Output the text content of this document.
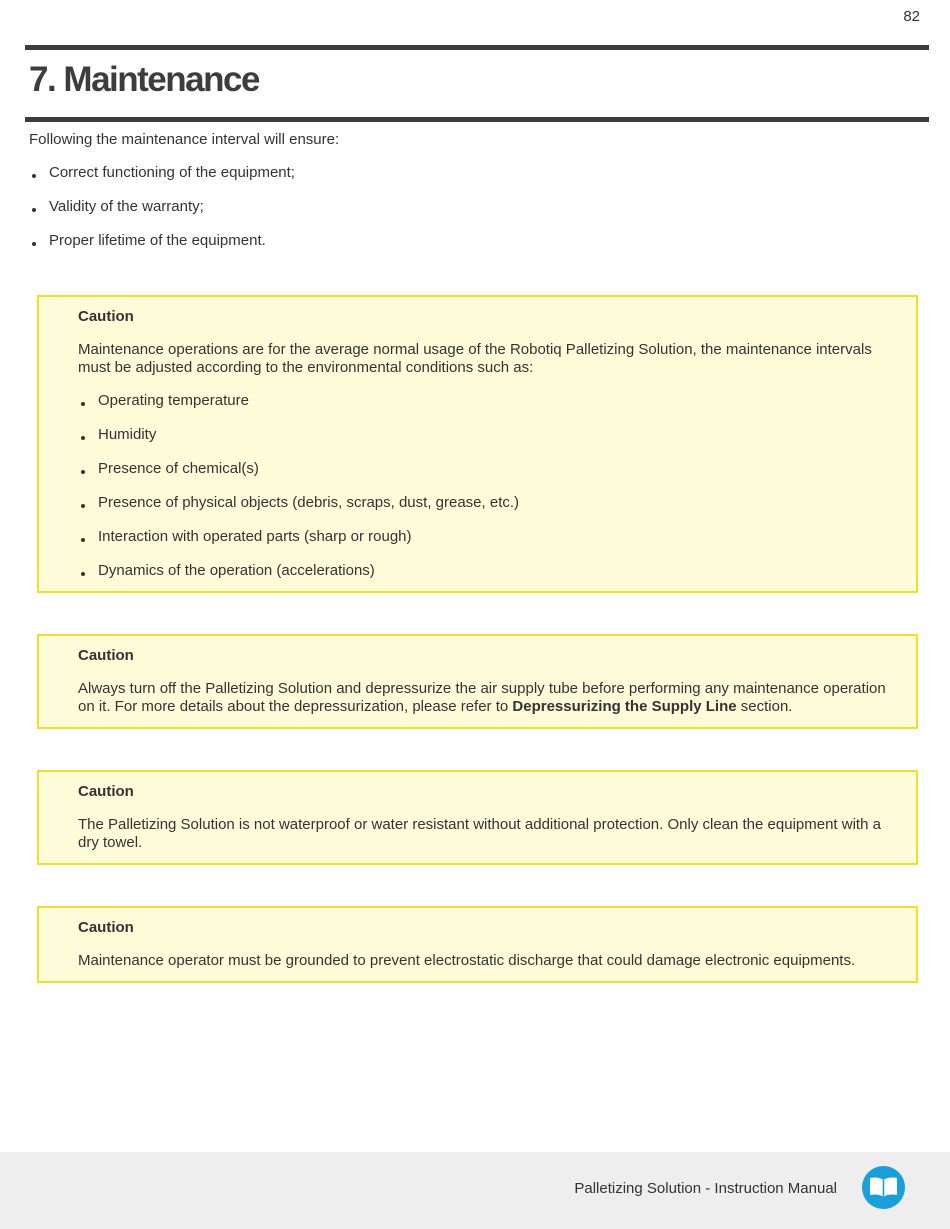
82
7. Maintenance

Following the maintenance interval will ensure:

Correct functioning of the equipment;
Validity of the warranty;
Proper lifetime of the equipment.

Caution

Maintenance operations are for the average normal usage of the Robotiq Palletizing Solution, the maintenance intervals must be adjusted according to the environmental conditions such as:

Operating temperature
Humidity
Presence of chemical(s)
Presence of physical objects (debris, scraps, dust, grease, etc.)
Interaction with operated parts (sharp or rough)
Dynamics of the operation (accelerations)

Caution

Always turn off the Palletizing Solution and depressurize the air supply tube before performing any maintenance operation on it. For more details about the depressurization, please refer to Depressurizing the Supply Line section.

Caution

The Palletizing Solution is not waterproof or water resistant without additional protection. Only clean the equipment with a dry towel.

Caution

Maintenance operator must be grounded to prevent electrostatic discharge that could damage electronic equipments.

Palletizing Solution - Instruction Manual
